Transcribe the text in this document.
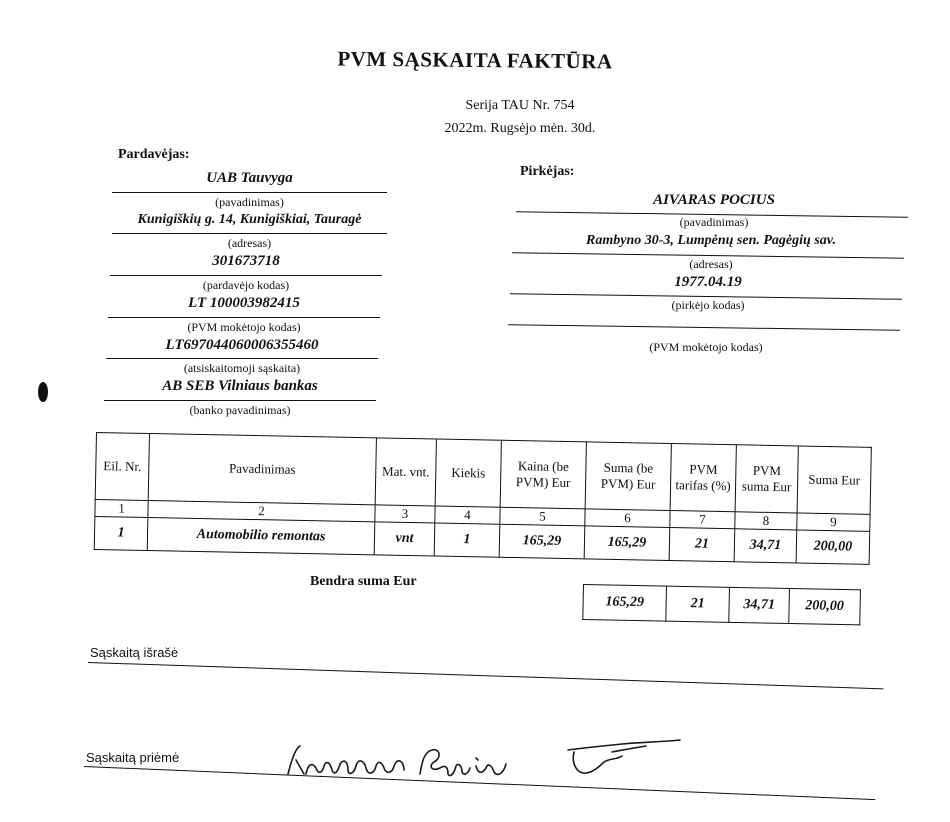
PVM SĄSKAITA FAKTŪRA
Serija TAU Nr. 754
2022m. Rugsėjo mėn. 30d.
Pardavėjas:
UAB Tauvyga
(pavadinimas)
Kunigiškių g. 14, Kunigiškiai, Tauragė
(adresas)
301673718
(pardavėjo kodas)
LT 100003982415
(PVM mokėtojo kodas)
LT697044060006355460
(atsiskaitomoji sąskaita)
AB SEB Vilniaus bankas
(banko pavadinimas)
Pirkėjas:
AIVARAS POCIUS
(pavadinimas)
Rambyno 30-3, Lumpėnų sen. Pagėgių sav.
(adresas)
1977.04.19
(pirkėjo kodas)
(PVM mokėtojo kodas)
Eil. Nr.	Pavadinimas	Mat. vnt.	Kiekis	Kaina (be PVM) Eur	Suma (be PVM) Eur	PVM tarifas (%)	PVM suma Eur	Suma Eur
1	2	3	4	5	6	7	8	9
1	Automobilio remontas	vnt	1	165,29	165,29	21	34,71	200,00
Bendra suma Eur
165,29	21	34,71	200,00
Sąskaitą išrašė
Sąskaitą priėmė
